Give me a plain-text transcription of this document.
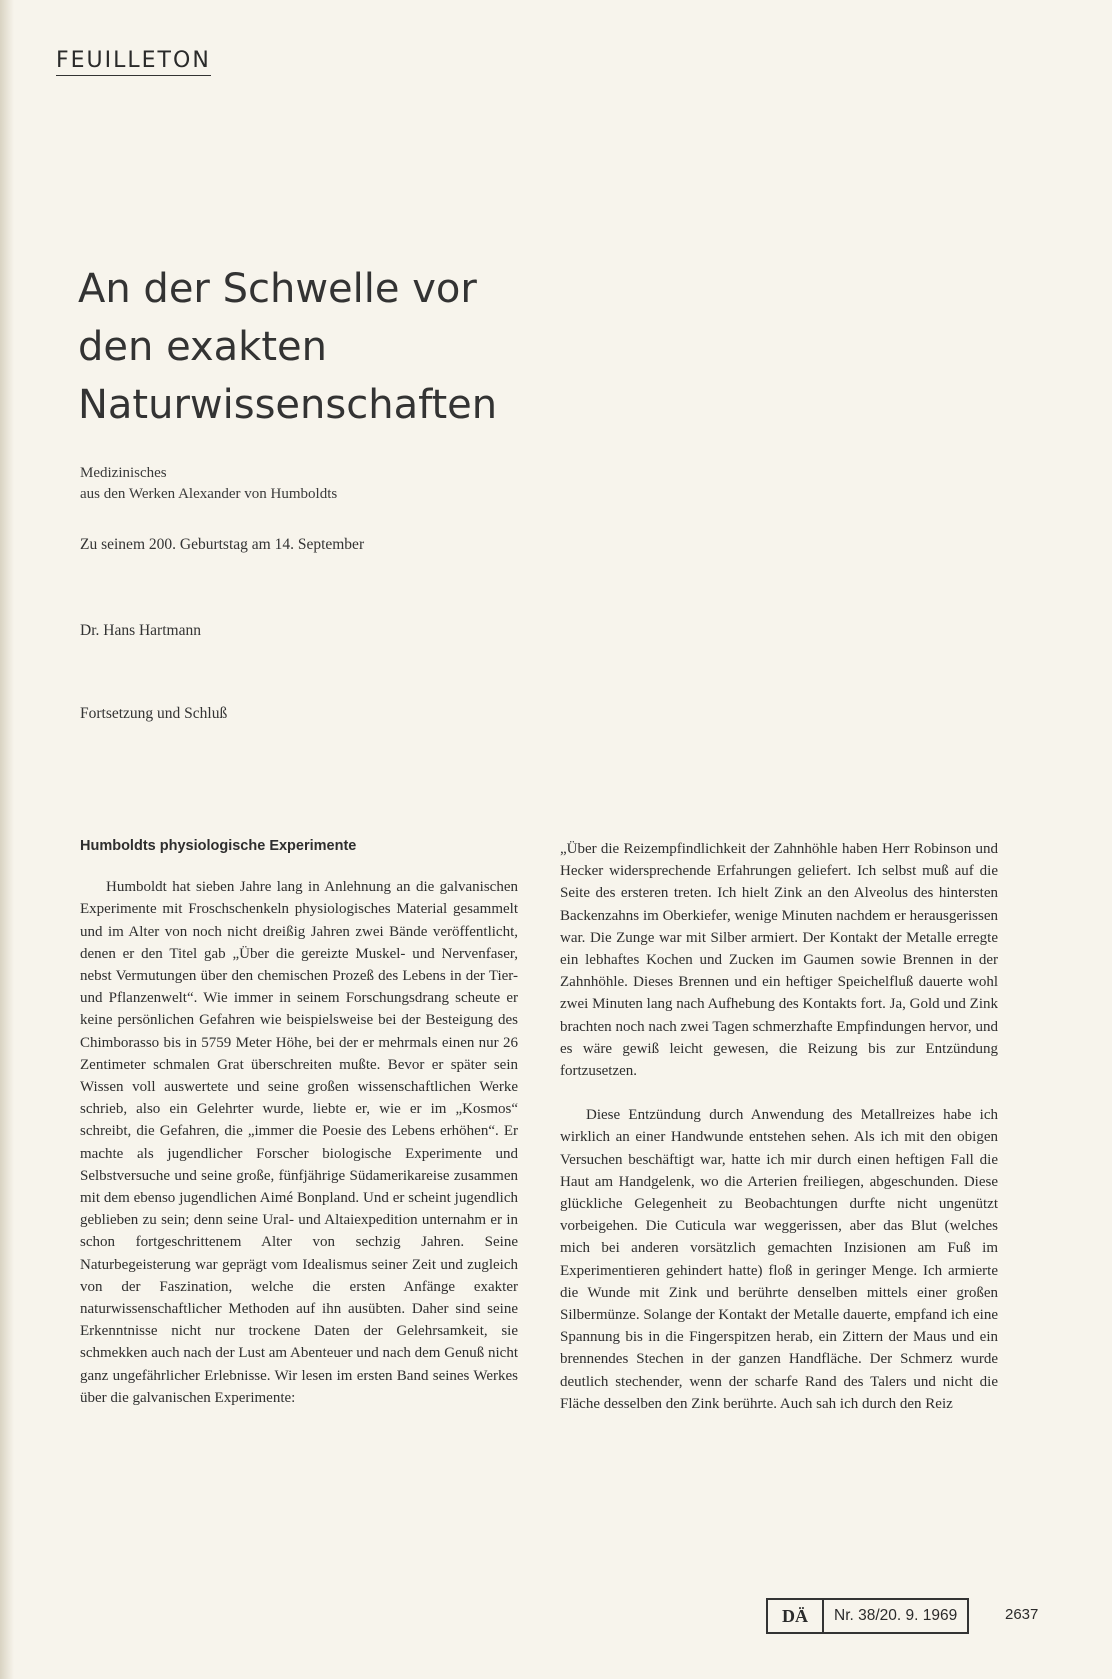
FEUILLETON
An der Schwelle vor
den exakten
Naturwissenschaften
Medizinisches
aus den Werken Alexander von Humboldts
Zu seinem 200. Geburtstag am 14. September
Dr. Hans Hartmann
Fortsetzung und Schluß
Humboldts physiologische Experimente

Humboldt hat sieben Jahre lang in Anlehnung an die galvanischen Experimente mit Froschschenkeln physiologisches Material gesammelt und im Alter von noch nicht dreißig Jahren zwei Bände veröffentlicht, denen er den Titel gab „Über die gereizte Muskel- und Nervenfaser, nebst Vermutungen über den chemischen Prozeß des Lebens in der Tier- und Pflanzenwelt“. Wie immer in seinem Forschungsdrang scheute er keine persönlichen Gefahren wie beispielsweise bei der Besteigung des Chimborasso bis in 5759 Meter Höhe, bei der er mehrmals einen nur 26 Zentimeter schmalen Grat überschreiten mußte. Bevor er später sein Wissen voll auswertete und seine großen wissenschaftlichen Werke schrieb, also ein Gelehrter wurde, liebte er, wie er im „Kosmos“ schreibt, die Gefahren, die „immer die Poesie des Lebens erhöhen“. Er machte als jugendlicher Forscher biologische Experimente und Selbstversuche und seine große, fünfjährige Südamerikareise zusammen mit dem ebenso jugendlichen Aimé Bonpland. Und er scheint jugendlich geblieben zu sein; denn seine Ural- und Altaiexpedition unternahm er in schon fortgeschrittenem Alter von sechzig Jahren. Seine Naturbegeisterung war geprägt vom Idealismus seiner Zeit und zugleich von der Faszination, welche die ersten Anfänge exakter naturwissenschaftlicher Methoden auf ihn ausübten. Daher sind seine Erkenntnisse nicht nur trockene Daten der Gelehrsamkeit, sie schmekken auch nach der Lust am Abenteuer und nach dem Genuß nicht ganz ungefährlicher Erlebnisse. Wir lesen im ersten Band seines Werkes über die galvanischen Experimente:

„Über die Reizempfindlichkeit der Zahnhöhle haben Herr Robinson und Hecker widersprechende Erfahrungen geliefert. Ich selbst muß auf die Seite des ersteren treten. Ich hielt Zink an den Alveolus des hintersten Backenzahns im Oberkiefer, wenige Minuten nachdem er herausgerissen war. Die Zunge war mit Silber armiert. Der Kontakt der Metalle erregte ein lebhaftes Kochen und Zucken im Gaumen sowie Brennen in der Zahnhöhle. Dieses Brennen und ein heftiger Speichelfluß dauerte wohl zwei Minuten lang nach Aufhebung des Kontakts fort. Ja, Gold und Zink brachten noch nach zwei Tagen schmerzhafte Empfindungen hervor, und es wäre gewiß leicht gewesen, die Reizung bis zur Entzündung fortzusetzen.

Diese Entzündung durch Anwendung des Metallreizes habe ich wirklich an einer Handwunde entstehen sehen. Als ich mit den obigen Versuchen beschäftigt war, hatte ich mir durch einen heftigen Fall die Haut am Handgelenk, wo die Arterien freiliegen, abgeschunden. Diese glückliche Gelegenheit zu Beobachtungen durfte nicht ungenützt vorbeigehen. Die Cuticula war weggerissen, aber das Blut (welches mich bei anderen vorsätzlich gemachten Inzisionen am Fuß im Experimentieren gehindert hatte) floß in geringer Menge. Ich armierte die Wunde mit Zink und berührte denselben mittels einer großen Silbermünze. Solange der Kontakt der Metalle dauerte, empfand ich eine Spannung bis in die Fingerspitzen herab, ein Zittern der Maus und ein brennendes Stechen in der ganzen Handfläche. Der Schmerz wurde deutlich stechender, wenn der scharfe Rand des Talers und nicht die Fläche desselben den Zink berührte. Auch sah ich durch den Reiz

DÄ	Nr. 38/20. 9. 1969	2637
